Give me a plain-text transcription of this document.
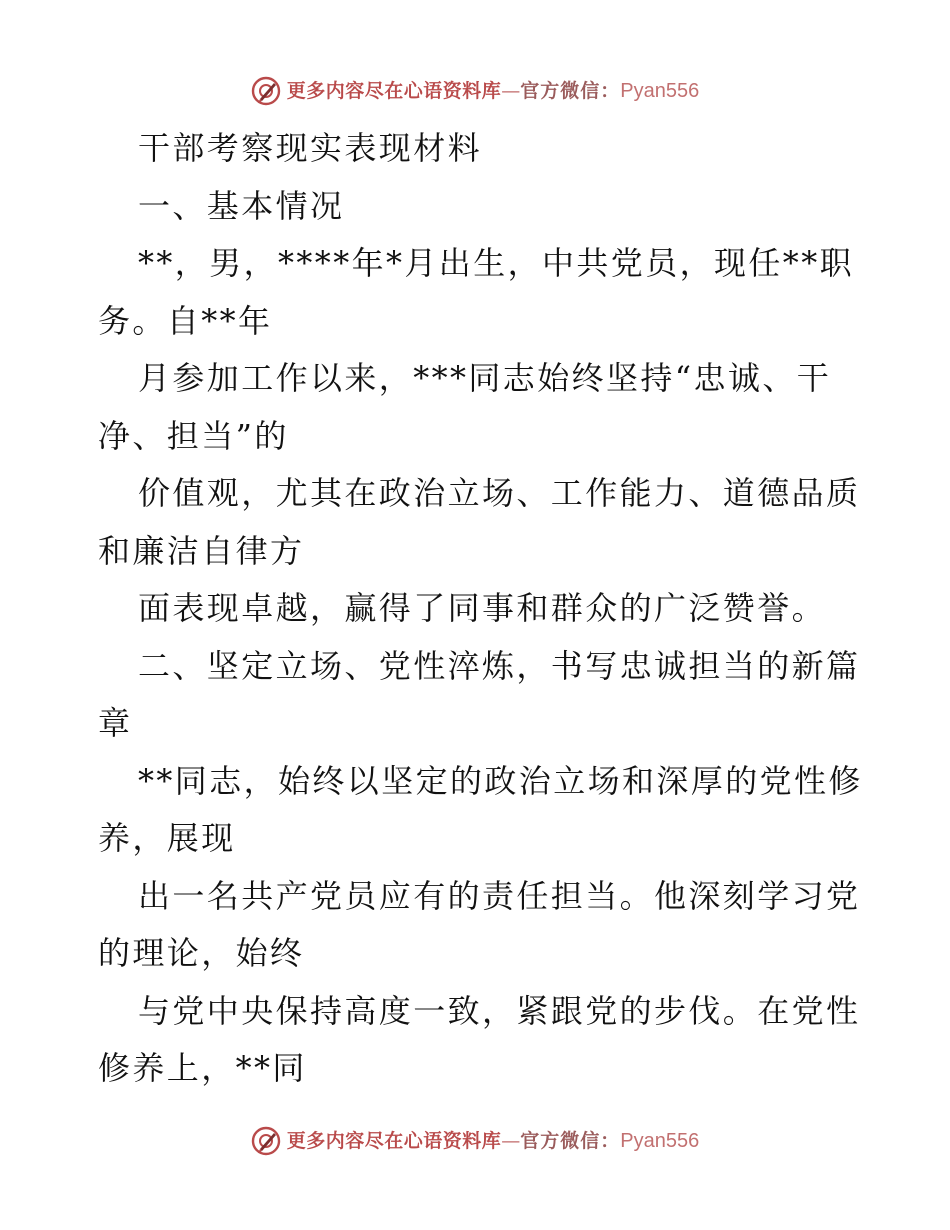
更多内容尽在心语资料库 — 官方微信： Pyan556
干部考察现实表现材料
一、基本情况
**，男，****年*月出生，中共党员，现任**职
务。自**年
月参加工作以来，***同志始终坚持“忠诚、干
净、担当”的
价值观，尤其在政治立场、工作能力、道德品质
和廉洁自律方
面表现卓越，赢得了同事和群众的广泛赞誉。
二、坚定立场、党性淬炼，书写忠诚担当的新篇
章
**同志，始终以坚定的政治立场和深厚的党性修
养，展现
出一名共产党员应有的责任担当。他深刻学习党
的理论，始终
与党中央保持高度一致，紧跟党的步伐。在党性
修养上，**同
更多内容尽在心语资料库 — 官方微信： Pyan556
